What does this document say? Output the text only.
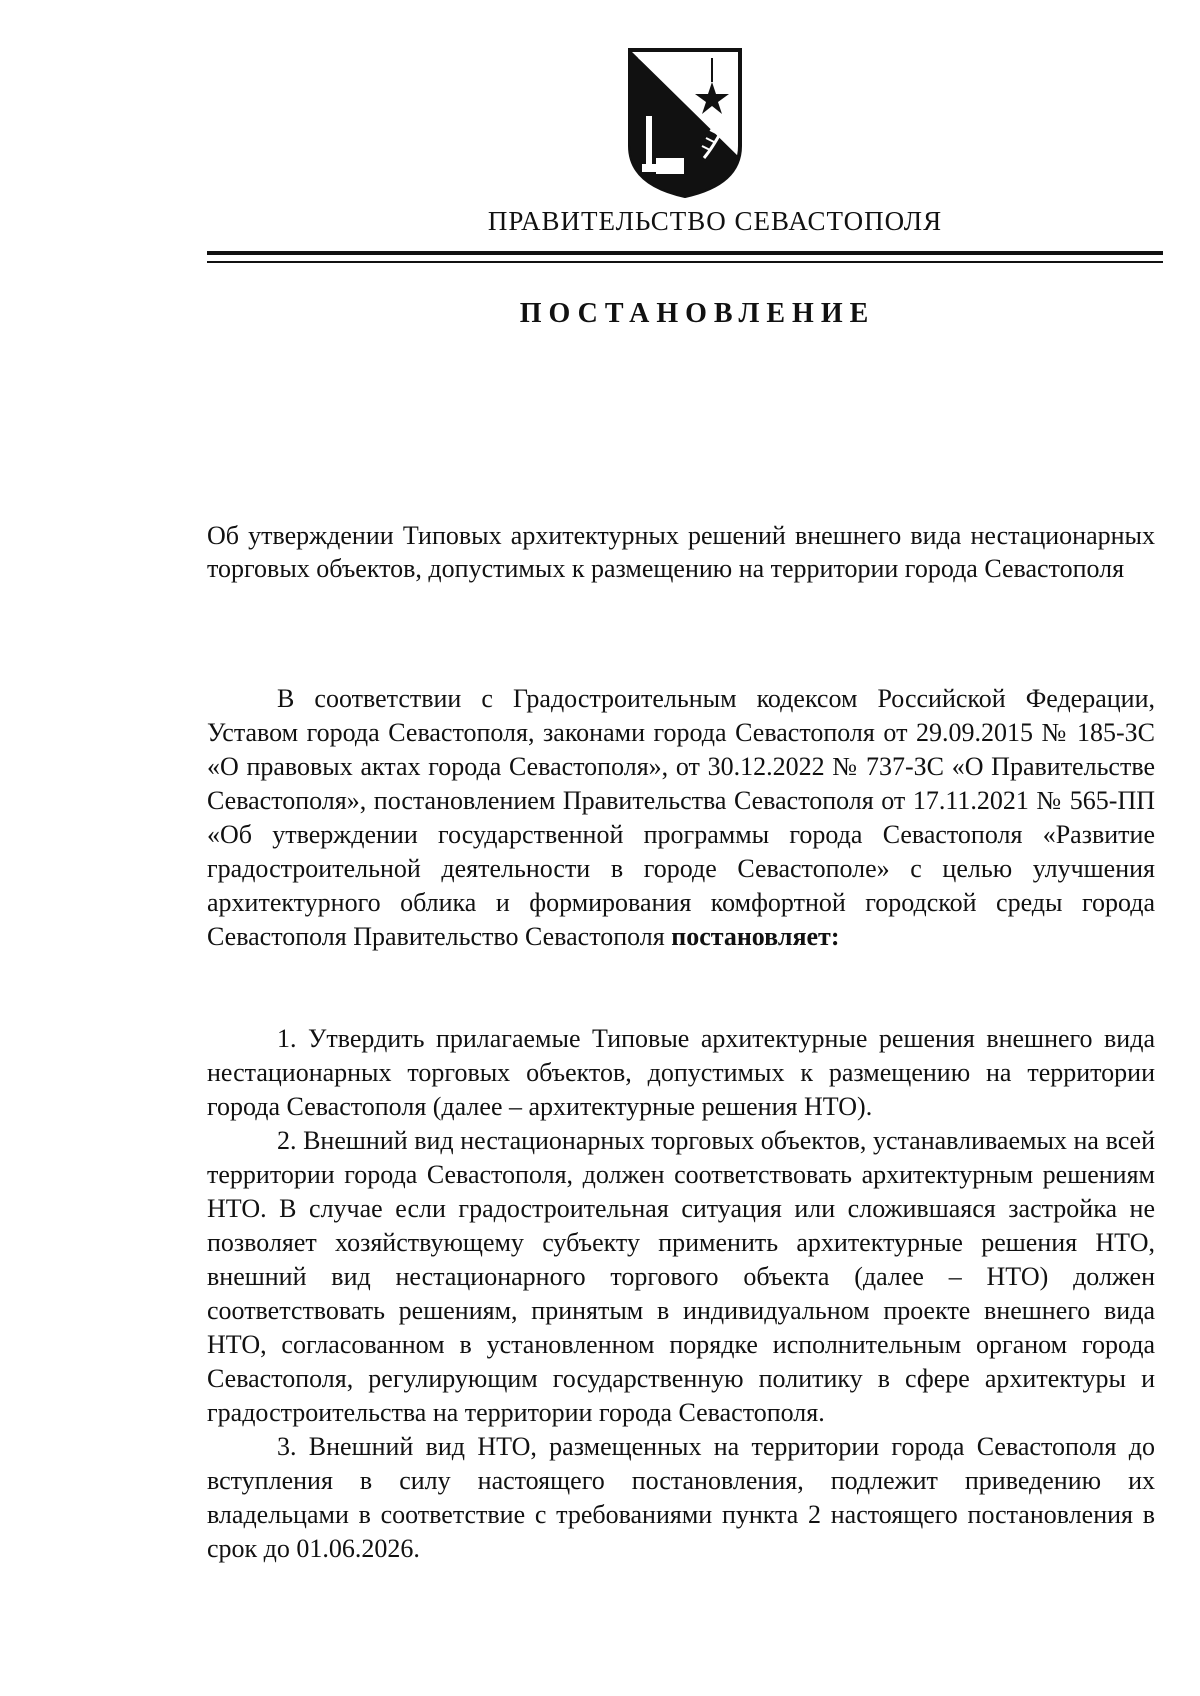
ПРАВИТЕЛЬСТВО СЕВАСТОПОЛЯ
ПОСТАНОВЛЕНИЕ

Об утверждении Типовых архитектурных решений внешнего вида нестационарных торговых объектов, допустимых к размещению на территории города Севастополя

В соответствии с Градостроительным кодексом Российской Федерации, Уставом города Севастополя, законами города Севастополя от 29.09.2015 № 185-ЗС «О правовых актах города Севастополя», от 30.12.2022 № 737-ЗС «О Правительстве Севастополя», постановлением Правительства Севастополя от 17.11.2021 № 565-ПП «Об утверждении государственной программы города Севастополя «Развитие градостроительной деятельности в городе Севастополе» с целью улучшения архитектурного облика и формирования комфортной городской среды города Севастополя Правительство Севастополя постановляет:

1. Утвердить прилагаемые Типовые архитектурные решения внешнего вида нестационарных торговых объектов, допустимых к размещению на территории города Севастополя (далее – архитектурные решения НТО).

2. Внешний вид нестационарных торговых объектов, устанавливаемых на всей территории города Севастополя, должен соответствовать архитектурным решениям НТО. В случае если градостроительная ситуация или сложившаяся застройка не позволяет хозяйствующему субъекту применить архитектурные решения НТО, внешний вид нестационарного торгового объекта (далее – НТО) должен соответствовать решениям, принятым в индивидуальном проекте внешнего вида НТО, согласованном в установленном порядке исполнительным органом города Севастополя, регулирующим государственную политику в сфере архитектуры и градостроительства на территории города Севастополя.

3. Внешний вид НТО, размещенных на территории города Севастополя до вступления в силу настоящего постановления, подлежит приведению их владельцами в соответствие с требованиями пункта 2 настоящего постановления в срок до 01.06.2026.
